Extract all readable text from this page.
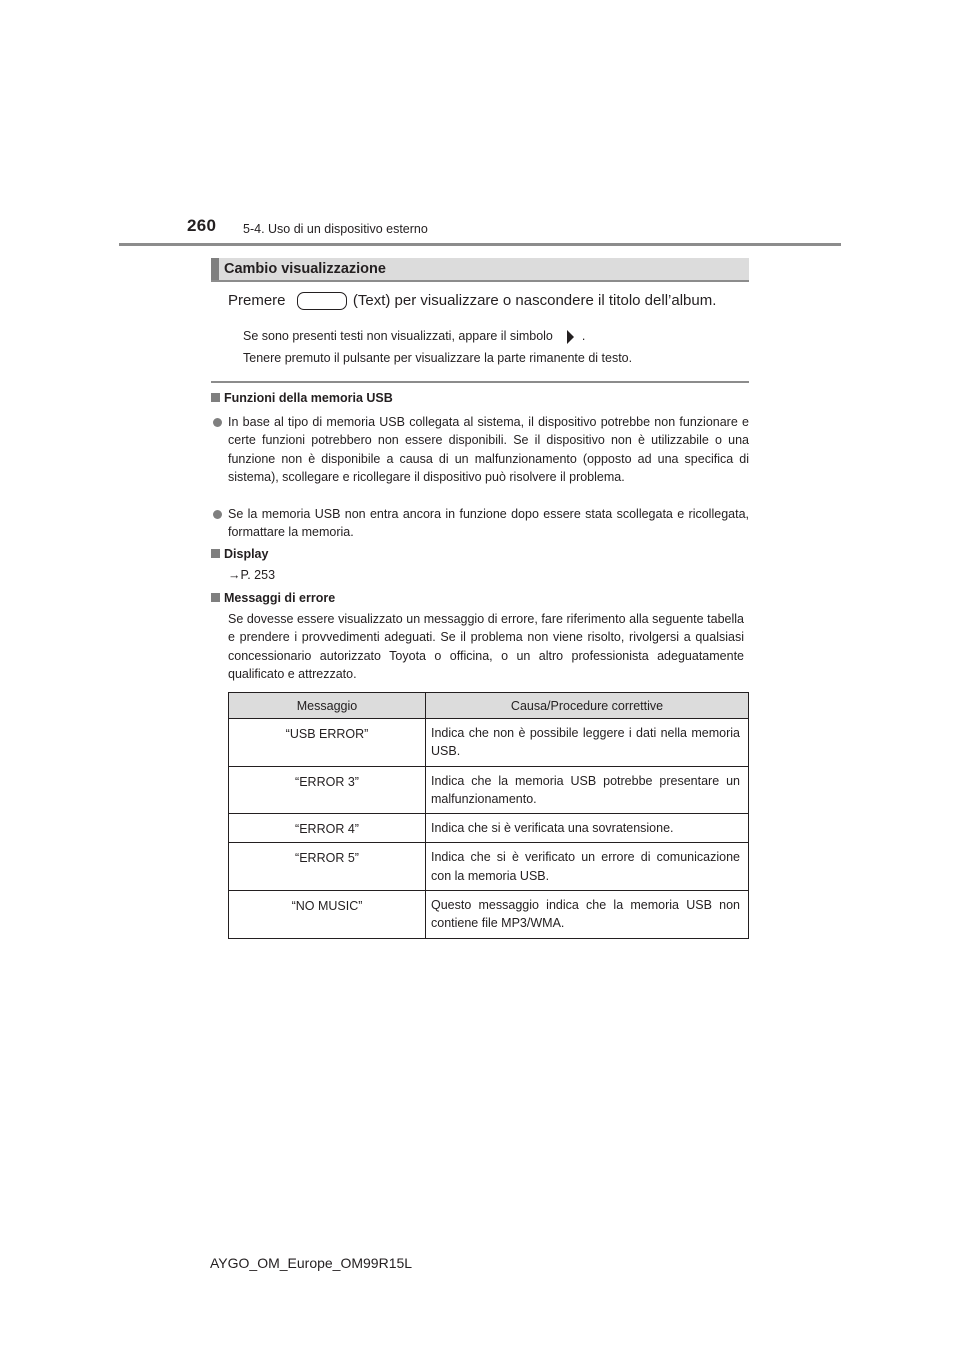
260 5-4. Uso di un dispositivo esterno
Cambio visualizzazione
Premere	(Text) per visualizzare o nascondere il titolo dell’album.
Se sono presenti testi non visualizzati, appare il simbolo .
Tenere premuto il pulsante per visualizzare la parte rimanente di testo.
Funzioni della memoria USB
In base al tipo di memoria USB collegata al sistema, il dispositivo potrebbe non funzionare e certe funzioni potrebbero non essere disponibili. Se il dispositivo non è utilizzabile o una funzione non è disponibile a causa di un malfunzionamento (opposto ad una specifica di sistema), scollegare e ricollegare il dispositivo può risolvere il problema.
Se la memoria USB non entra ancora in funzione dopo essere stata scollegata e ricollegata, formattare la memoria.
Display
→P. 253
Messaggi di errore
Se dovesse essere visualizzato un messaggio di errore, fare riferimento alla seguente tabella e prendere i provvedimenti adeguati. Se il problema non viene risolto, rivolgersi a qualsiasi concessionario autorizzato Toyota o officina, o un altro professionista adeguatamente qualificato e attrezzato.
Messaggio	Causa/Procedure correttive
“USB ERROR”	Indica che non è possibile leggere i dati nella memoria USB.
“ERROR 3”	Indica che la memoria USB potrebbe presentare un malfunzionamento.
“ERROR 4”	Indica che si è verificata una sovratensione.
“ERROR 5”	Indica che si è verificato un errore di comunicazione con la memoria USB.
“NO MUSIC”	Questo messaggio indica che la memoria USB non contiene file MP3/WMA.
AYGO_OM_Europe_OM99R15L
